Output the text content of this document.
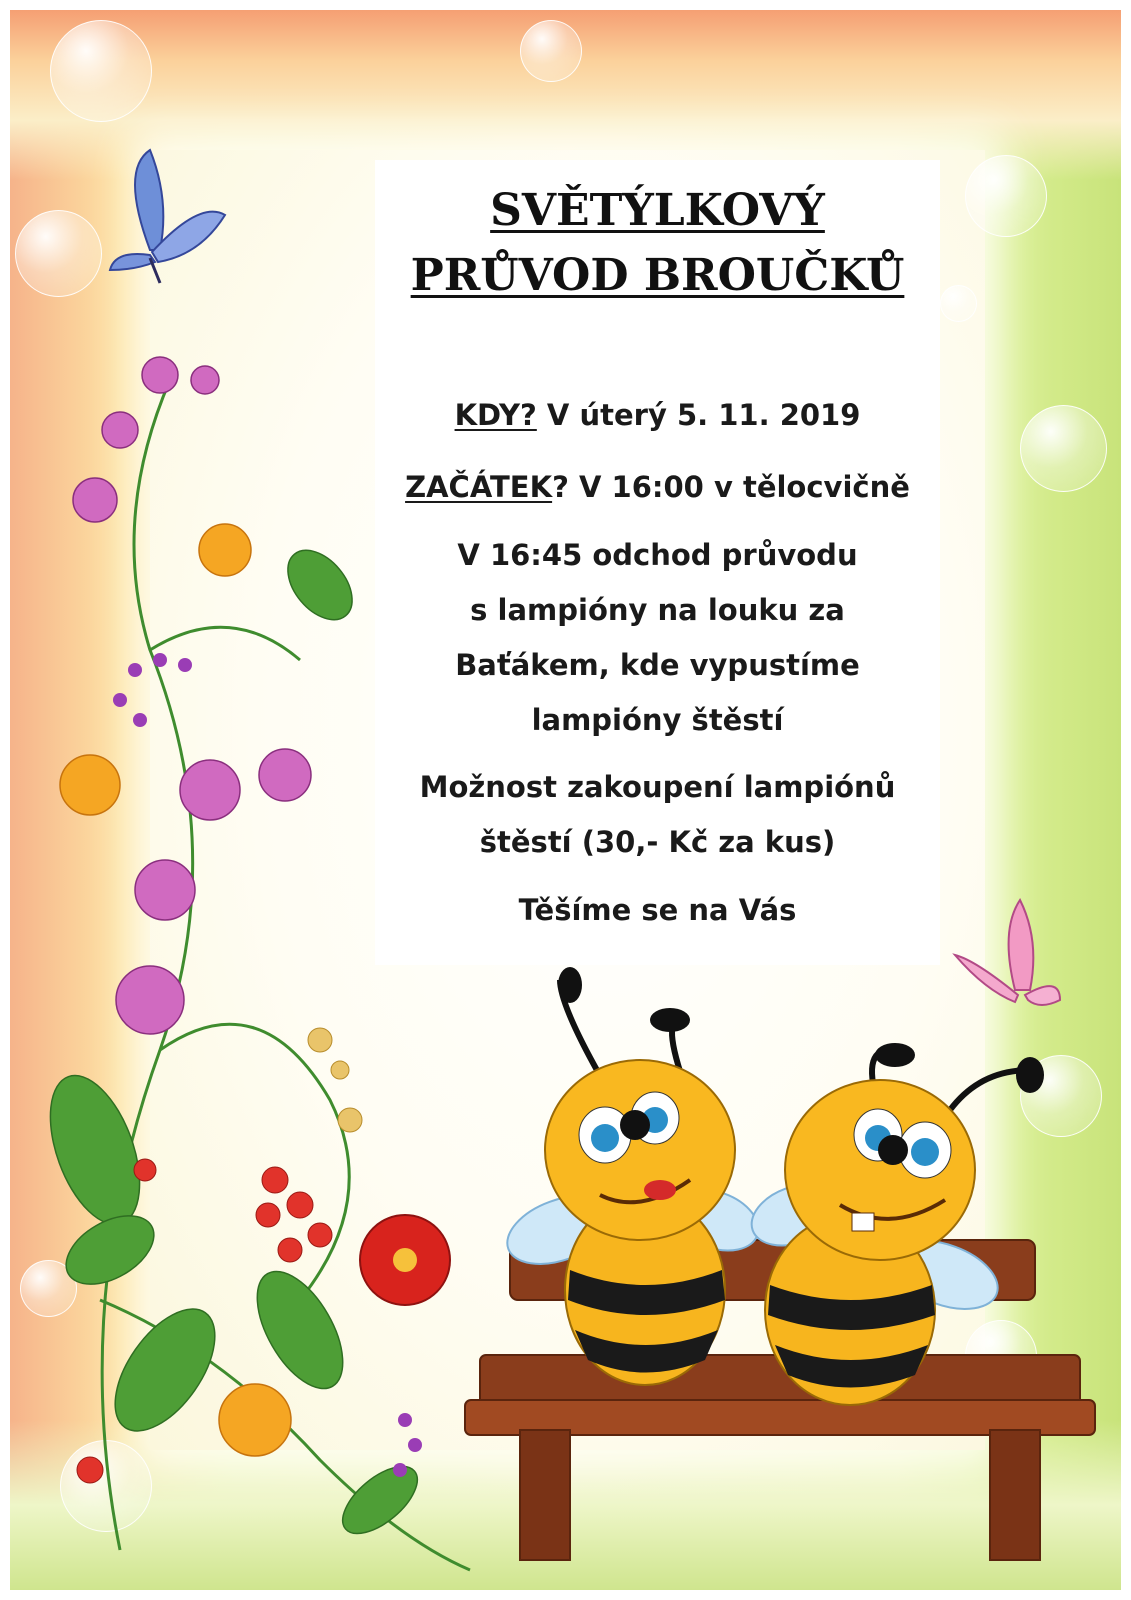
SVĚTÝLKOVÝ
PRŮVOD BROUČKŮ
KDY? V úterý 5. 11. 2019
ZAČÁTEK? V 16:00 v tělocvičně
V 16:45 odchod průvodu
s lampióny na louku za
Baťákem, kde vypustíme
lampióny štěstí
Možnost zakoupení lampiónů
štěstí (30,- Kč za kus)
Těšíme se na Vás
